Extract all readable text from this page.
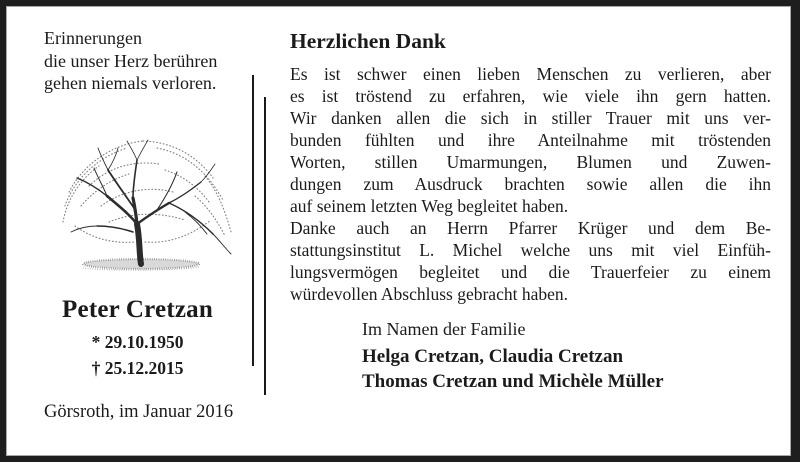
Erinnerungen
die unser Herz berühren
gehen niemals verloren.
Peter Cretzan
* 29.10.1950
† 25.12.2015
Görsroth, im Januar 2016
Herzlichen Dank
Es ist schwer einen lieben Menschen zu verlieren, aber
es ist tröstend zu erfahren, wie viele ihn gern hatten.
Wir danken allen die sich in stiller Trauer mit uns ver-
bunden fühlten und ihre Anteilnahme mit tröstenden
Worten, stillen Umarmungen, Blumen und Zuwen-
dungen zum Ausdruck brachten sowie allen die ihn
auf seinem letzten Weg begleitet haben.
Danke auch an Herrn Pfarrer Krüger und dem Be-
stattungsinstitut L. Michel welche uns mit viel Einfüh-
lungsvermögen begleitet und die Trauerfeier zu einem
würdevollen Abschluss gebracht haben.
Im Namen der Familie
Helga Cretzan, Claudia Cretzan
Thomas Cretzan und Michèle Müller
